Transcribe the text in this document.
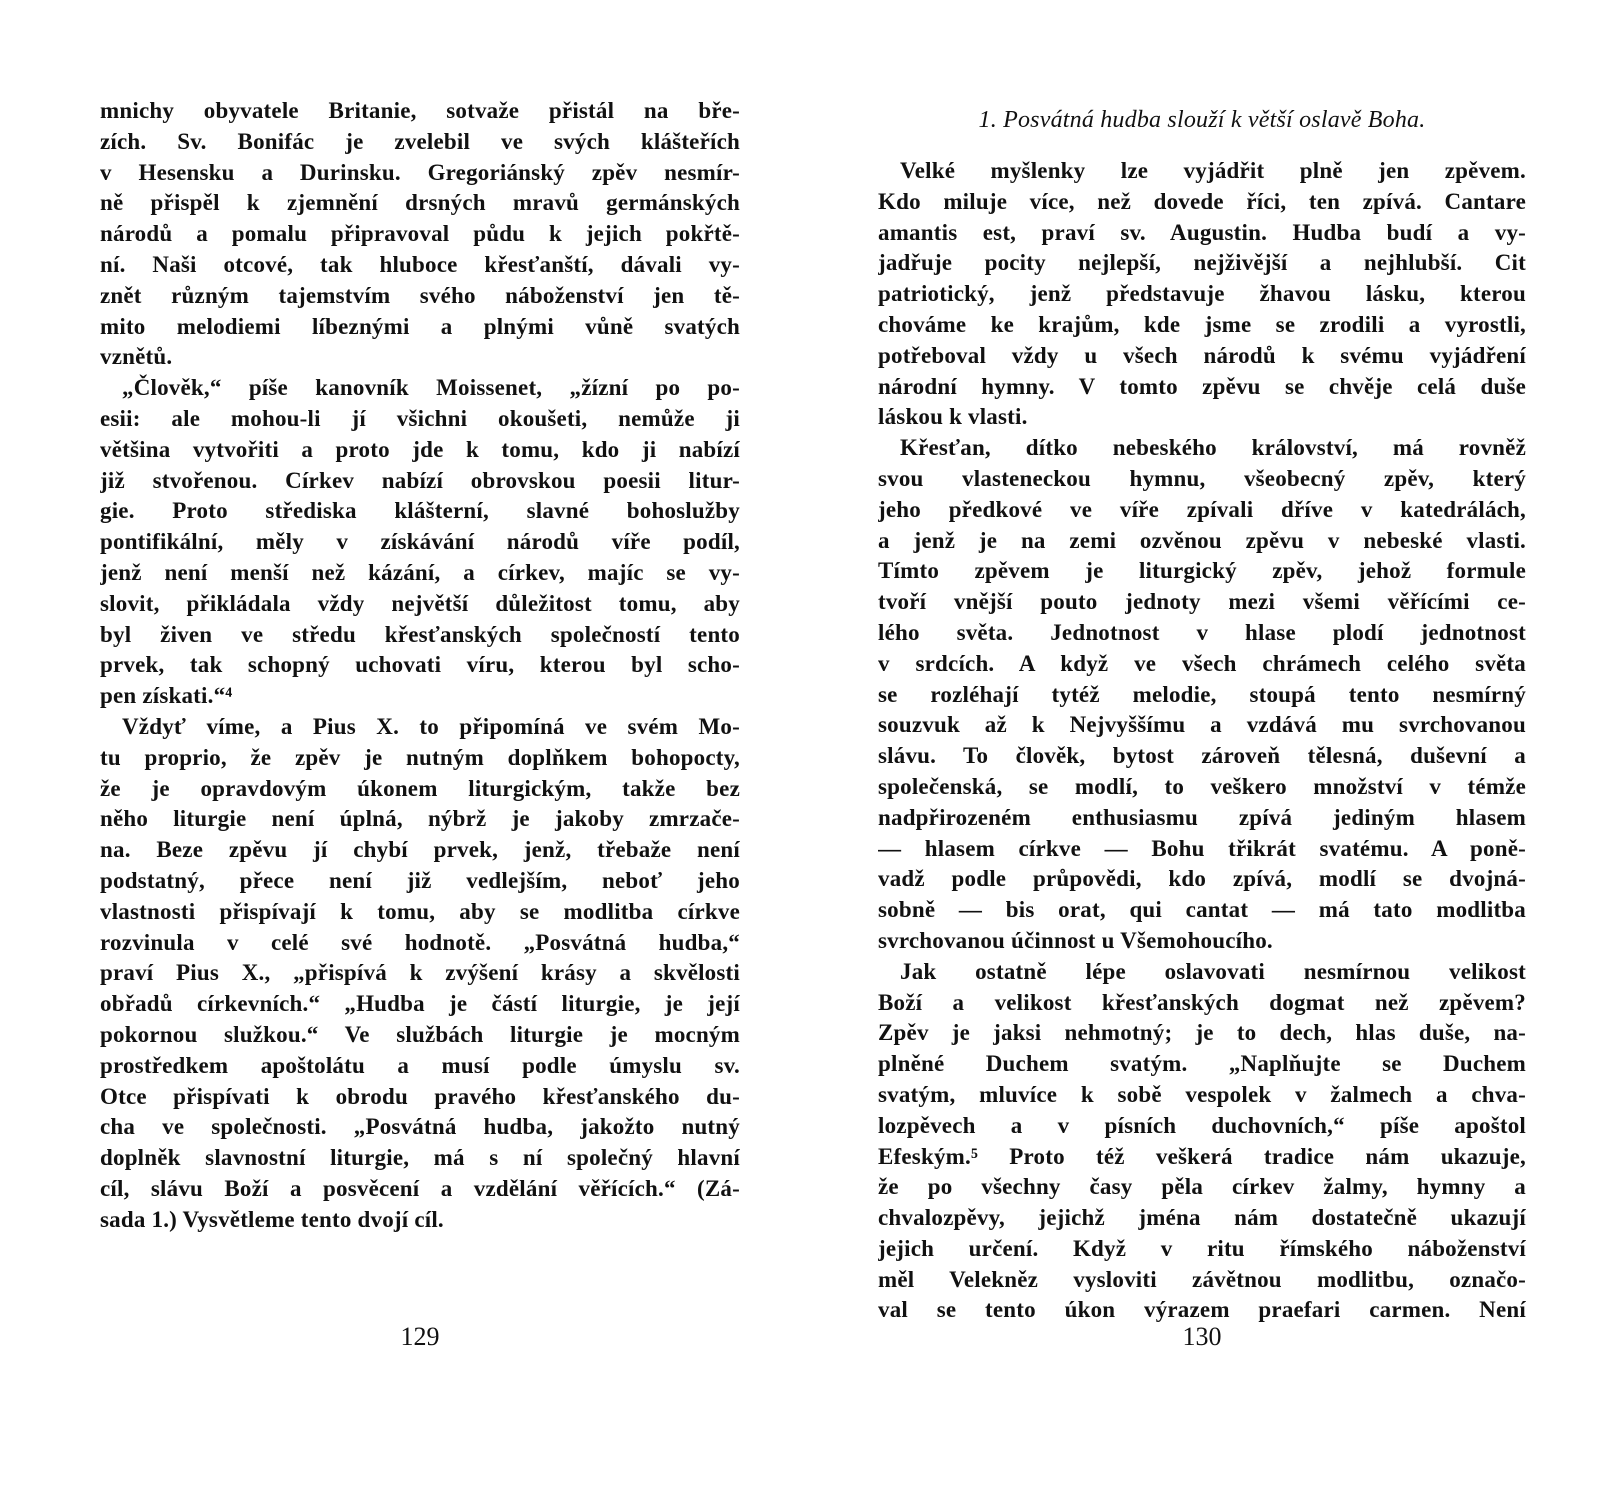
mnichy obyvatele Britanie, sotvaže přistál na bře-
zích. Sv. Bonifác je zvelebil ve svých klášteřích
v Hesensku a Durinsku. Gregoriánský zpěv nesmír-
ně přispěl k zjemnění drsných mravů germánských
národů a pomalu připravoval půdu k jejich pokřtě-
ní. Naši otcové, tak hluboce křesťanští, dávali vy-
znět různým tajemstvím svého náboženství jen tě-
mito melodiemi líbeznými a plnými vůně svatých
vznětů.

„Člověk,“ píše kanovník Moissenet, „žízní po po-
esii: ale mohou-li jí všichni okoušeti, nemůže ji
většina vytvořiti a proto jde k tomu, kdo ji nabízí
již stvořenou. Církev nabízí obrovskou poesii litur-
gie. Proto střediska klášterní, slavné bohoslužby
pontifikální, měly v získávání národů víře podíl,
jenž není menší než kázání, a církev, majíc se vy-
slovit, přikládala vždy největší důležitost tomu, aby
byl živen ve středu křesťanských společností tento
prvek, tak schopný uchovati víru, kterou byl scho-
pen získati.“⁴

Vždyť víme, a Pius X. to připomíná ve svém Mo-
tu proprio, že zpěv je nutným doplňkem bohopocty,
že je opravdovým úkonem liturgickým, takže bez
něho liturgie není úplná, nýbrž je jakoby zmrzače-
na. Beze zpěvu jí chybí prvek, jenž, třebaže není
podstatný, přece není již vedlejším, neboť jeho
vlastnosti přispívají k tomu, aby se modlitba církve
rozvinula v celé své hodnotě. „Posvátná hudba,“
praví Pius X., „přispívá k zvýšení krásy a skvělosti
obřadů církevních.“ „Hudba je částí liturgie, je její
pokornou služkou.“ Ve službách liturgie je mocným
prostředkem apoštolátu a musí podle úmyslu sv.
Otce přispívati k obrodu pravého křesťanského du-
cha ve společnosti. „Posvátná hudba, jakožto nutný
doplněk slavnostní liturgie, má s ní společný hlavní
cíl, slávu Boží a posvěcení a vzdělání věřících.“ (Zá-
sada 1.) Vysvětleme tento dvojí cíl.

129
1. Posvátná hudba slouží k větší oslavě Boha.

Velké myšlenky lze vyjádřit plně jen zpěvem.
Kdo miluje více, než dovede říci, ten zpívá. Cantare
amantis est, praví sv. Augustin. Hudba budí a vy-
jadřuje pocity nejlepší, nejživější a nejhlubší. Cit
patriotický, jenž představuje žhavou lásku, kterou
chováme ke krajům, kde jsme se zrodili a vyrostli,
potřeboval vždy u všech národů k svému vyjádření
národní hymny. V tomto zpěvu se chvěje celá duše
láskou k vlasti.

Křesťan, dítko nebeského království, má rovněž
svou vlasteneckou hymnu, všeobecný zpěv, který
jeho předkové ve víře zpívali dříve v katedrálách,
a jenž je na zemi ozvěnou zpěvu v nebeské vlasti.
Tímto zpěvem je liturgický zpěv, jehož formule
tvoří vnější pouto jednoty mezi všemi věřícími ce-
lého světa. Jednotnost v hlase plodí jednotnost
v srdcích. A když ve všech chrámech celého světa
se rozléhají tytéž melodie, stoupá tento nesmírný
souzvuk až k Nejvyššímu a vzdává mu svrchovanou
slávu. To člověk, bytost zároveň tělesná, duševní a
společenská, se modlí, to veškero množství v témže
nadpřirozeném enthusiasmu zpívá jediným hlasem
— hlasem církve — Bohu třikrát svatému. A poně-
vadž podle průpovědi, kdo zpívá, modlí se dvojná-
sobně — bis orat, qui cantat — má tato modlitba
svrchovanou účinnost u Všemohoucího.

Jak ostatně lépe oslavovati nesmírnou velikost
Boží a velikost křesťanských dogmat než zpěvem?
Zpěv je jaksi nehmotný; je to dech, hlas duše, na-
plněné Duchem svatým. „Naplňujte se Duchem
svatým, mluvíce k sobě vespolek v žalmech a chva-
lozpěvech a v písních duchovních,“ píše apoštol
Efeským.⁵ Proto též veškerá tradice nám ukazuje,
že po všechny časy pěla církev žalmy, hymny a
chvalozpěvy, jejichž jména nám dostatečně ukazují
jejich určení. Když v ritu římského náboženství
měl Velekněz vysloviti závětnou modlitbu, označo-
val se tento úkon výrazem praefari carmen. Není

130
